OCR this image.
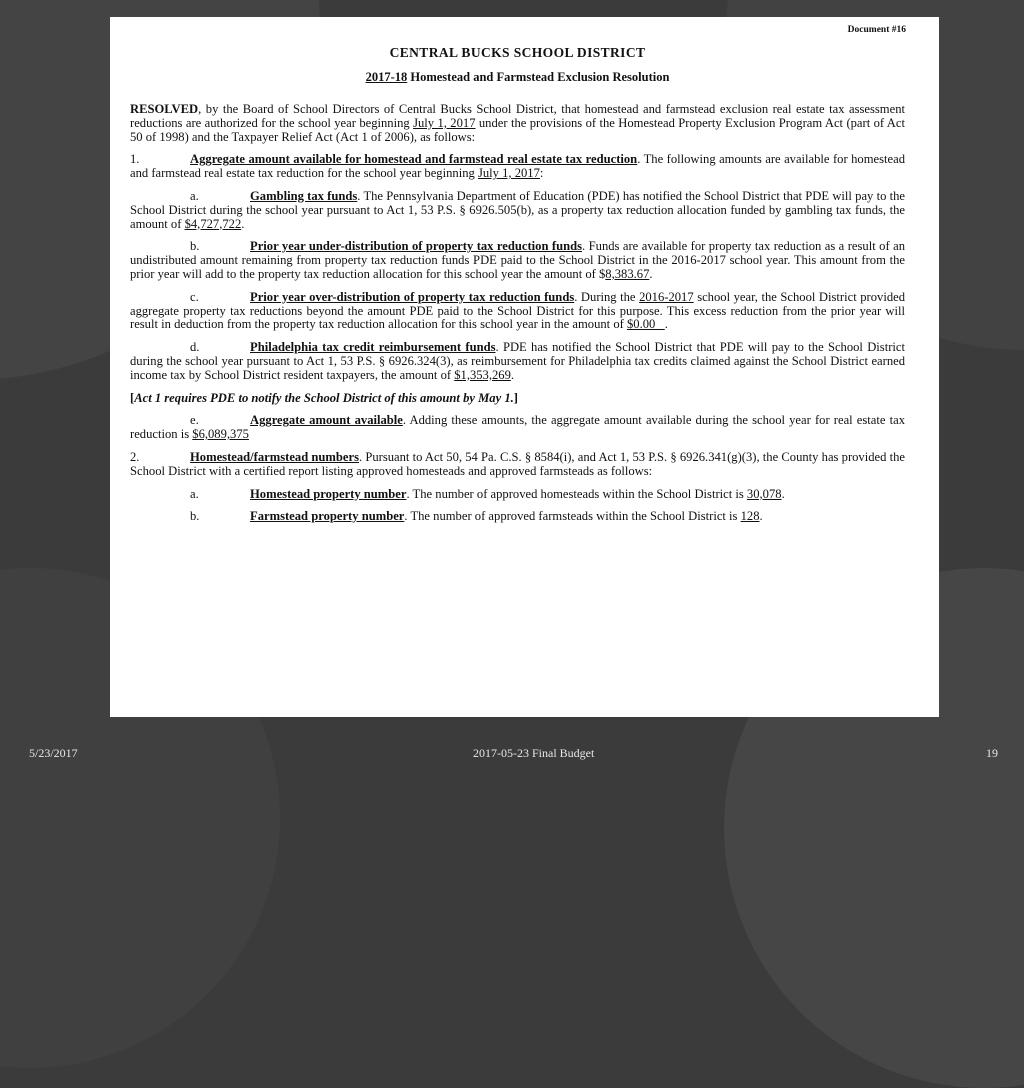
Document #16
CENTRAL BUCKS SCHOOL DISTRICT
2017-18 Homestead and Farmstead Exclusion Resolution

RESOLVED, by the Board of School Directors of Central Bucks School District, that homestead and farmstead exclusion real estate tax assessment reductions are authorized for the school year beginning July 1, 2017 under the provisions of the Homestead Property Exclusion Program Act (part of Act 50 of 1998) and the Taxpayer Relief Act (Act 1 of 2006), as follows:

1.	Aggregate amount available for homestead and farmstead real estate tax reduction. The following amounts are available for homestead and farmstead real estate tax reduction for the school year beginning July 1, 2017:

a.	Gambling tax funds. The Pennsylvania Department of Education (PDE) has notified the School District that PDE will pay to the School District during the school year pursuant to Act 1, 53 P.S. § 6926.505(b), as a property tax reduction allocation funded by gambling tax funds, the amount of $4,727,722.

b.	Prior year under-distribution of property tax reduction funds. Funds are available for property tax reduction as a result of an undistributed amount remaining from property tax reduction funds PDE paid to the School District in the 2016-2017 school year. This amount from the prior year will add to the property tax reduction allocation for this school year the amount of $8,383.67.

c.	Prior year over-distribution of property tax reduction funds. During the 2016-2017 school year, the School District provided aggregate property tax reductions beyond the amount PDE paid to the School District for this purpose. This excess reduction from the prior year will result in deduction from the property tax reduction allocation for this school year in the amount of $0.00   .

d.	Philadelphia tax credit reimbursement funds. PDE has notified the School District that PDE will pay to the School District during the school year pursuant to Act 1, 53 P.S. § 6926.324(3), as reimbursement for Philadelphia tax credits claimed against the School District earned income tax by School District resident taxpayers, the amount of $1,353,269.

[Act 1 requires PDE to notify the School District of this amount by May 1.]

e.	Aggregate amount available. Adding these amounts, the aggregate amount available during the school year for real estate tax reduction is $6,089,375

2.	Homestead/farmstead numbers. Pursuant to Act 50, 54 Pa. C.S. § 8584(i), and Act 1, 53 P.S. § 6926.341(g)(3), the County has provided the School District with a certified report listing approved homesteads and approved farmsteads as follows:

a.	Homestead property number. The number of approved homesteads within the School District is 30,078.

b.	Farmstead property number. The number of approved farmsteads within the School District is 128.

5/23/2017	2017-05-23 Final Budget	19
